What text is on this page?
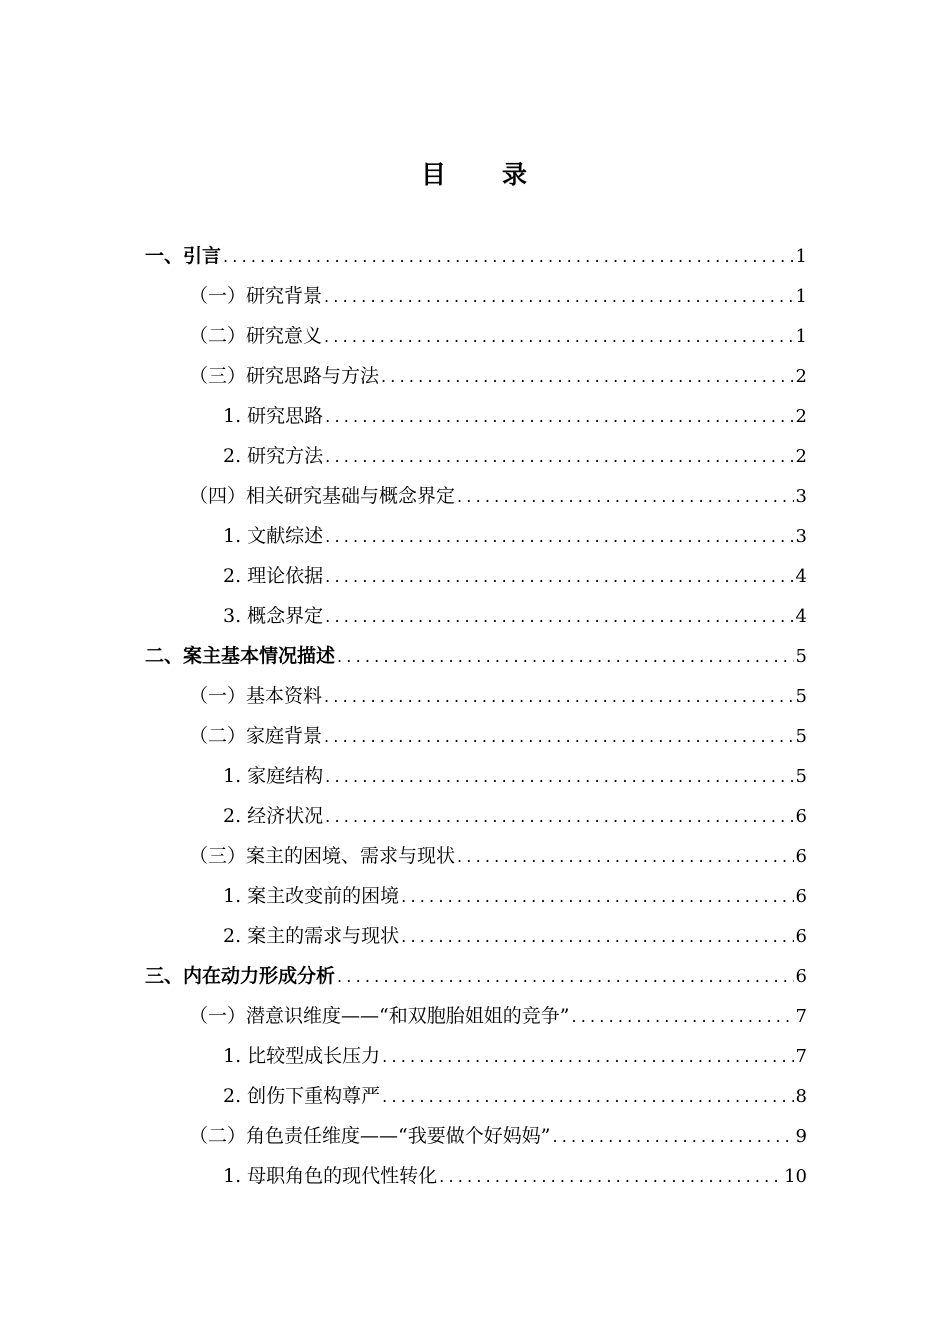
目　　录
一、引言 .....	1
（一）研究背景 .....	1
（二）研究意义 .....	1
（三）研究思路与方法 .....	2
1. 研究思路 .....	2
2. 研究方法 .....	2
（四）相关研究基础与概念界定 .....	3
1. 文献综述 .....	3
2. 理论依据 .....	4
3. 概念界定 .....	4
二、案主基本情况描述 .....	5
（一）基本资料 .....	5
（二）家庭背景 .....	5
1. 家庭结构 .....	5
2. 经济状况 .....	6
（三）案主的困境、需求与现状 .....	6
1. 案主改变前的困境 .....	6
2. 案主的需求与现状 .....	6
三、内在动力形成分析 .....	6
（一）潜意识维度——“和双胞胎姐姐的竞争” .....	7
1. 比较型成长压力 .....	7
2. 创伤下重构尊严 .....	8
（二）角色责任维度——“我要做个好妈妈” .....	9
1. 母职角色的现代性转化 .....	10
